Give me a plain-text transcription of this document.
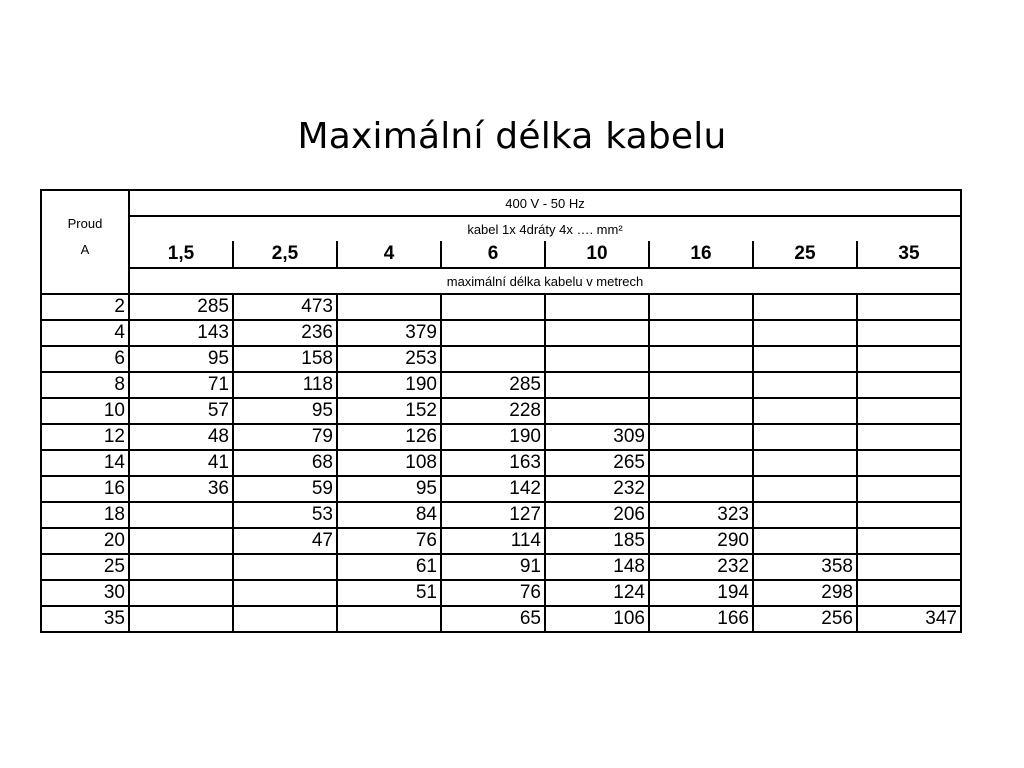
Maximální délka kabelu
Proud
A	400 V - 50 Hz							
	kabel 1x 4dráty 4x …. mm²							
	1,5	2,5	4	6	10	16	25	35
	maximální délka kabelu v metrech							
2	285	473						
4	143	236	379					
6	95	158	253					
8	71	118	190	285				
10	57	95	152	228				
12	48	79	126	190	309			
14	41	68	108	163	265			
16	36	59	95	142	232			
18		53	84	127	206	323		
20		47	76	114	185	290		
25			61	91	148	232	358	
30			51	76	124	194	298	
35				65	106	166	256	347
